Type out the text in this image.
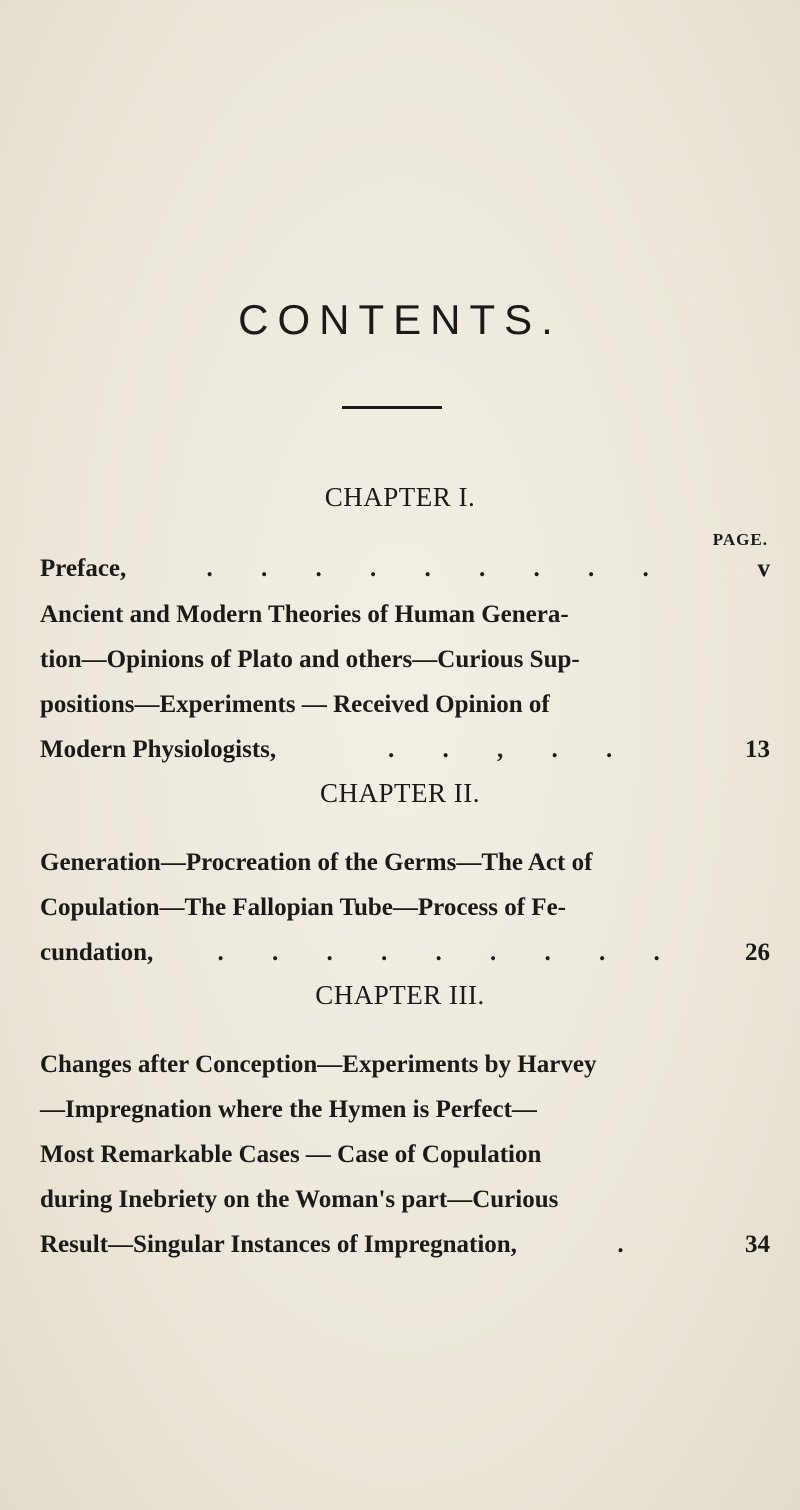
CONTENTS.
CHAPTER I.
PAGE.
Preface,	. . . . . . . . .	v
Ancient and Modern Theories of Human Genera-
tion—Opinions of Plato and others—Curious Sup-
positions—Experiments — Received Opinion of
Modern Physiologists,	. . , . .	13
CHAPTER II.
Generation—Procreation of the Germs—The Act of
Copulation—The Fallopian Tube—Process of Fe-
cundation,	. . . . . . . . .	26
CHAPTER III.
Changes after Conception—Experiments by Harvey
—Impregnation where the Hymen is Perfect—
Most Remarkable Cases — Case of Copulation
during Inebriety on the Woman's part—Curious
Result—Singular Instances of Impregnation,	.	34
